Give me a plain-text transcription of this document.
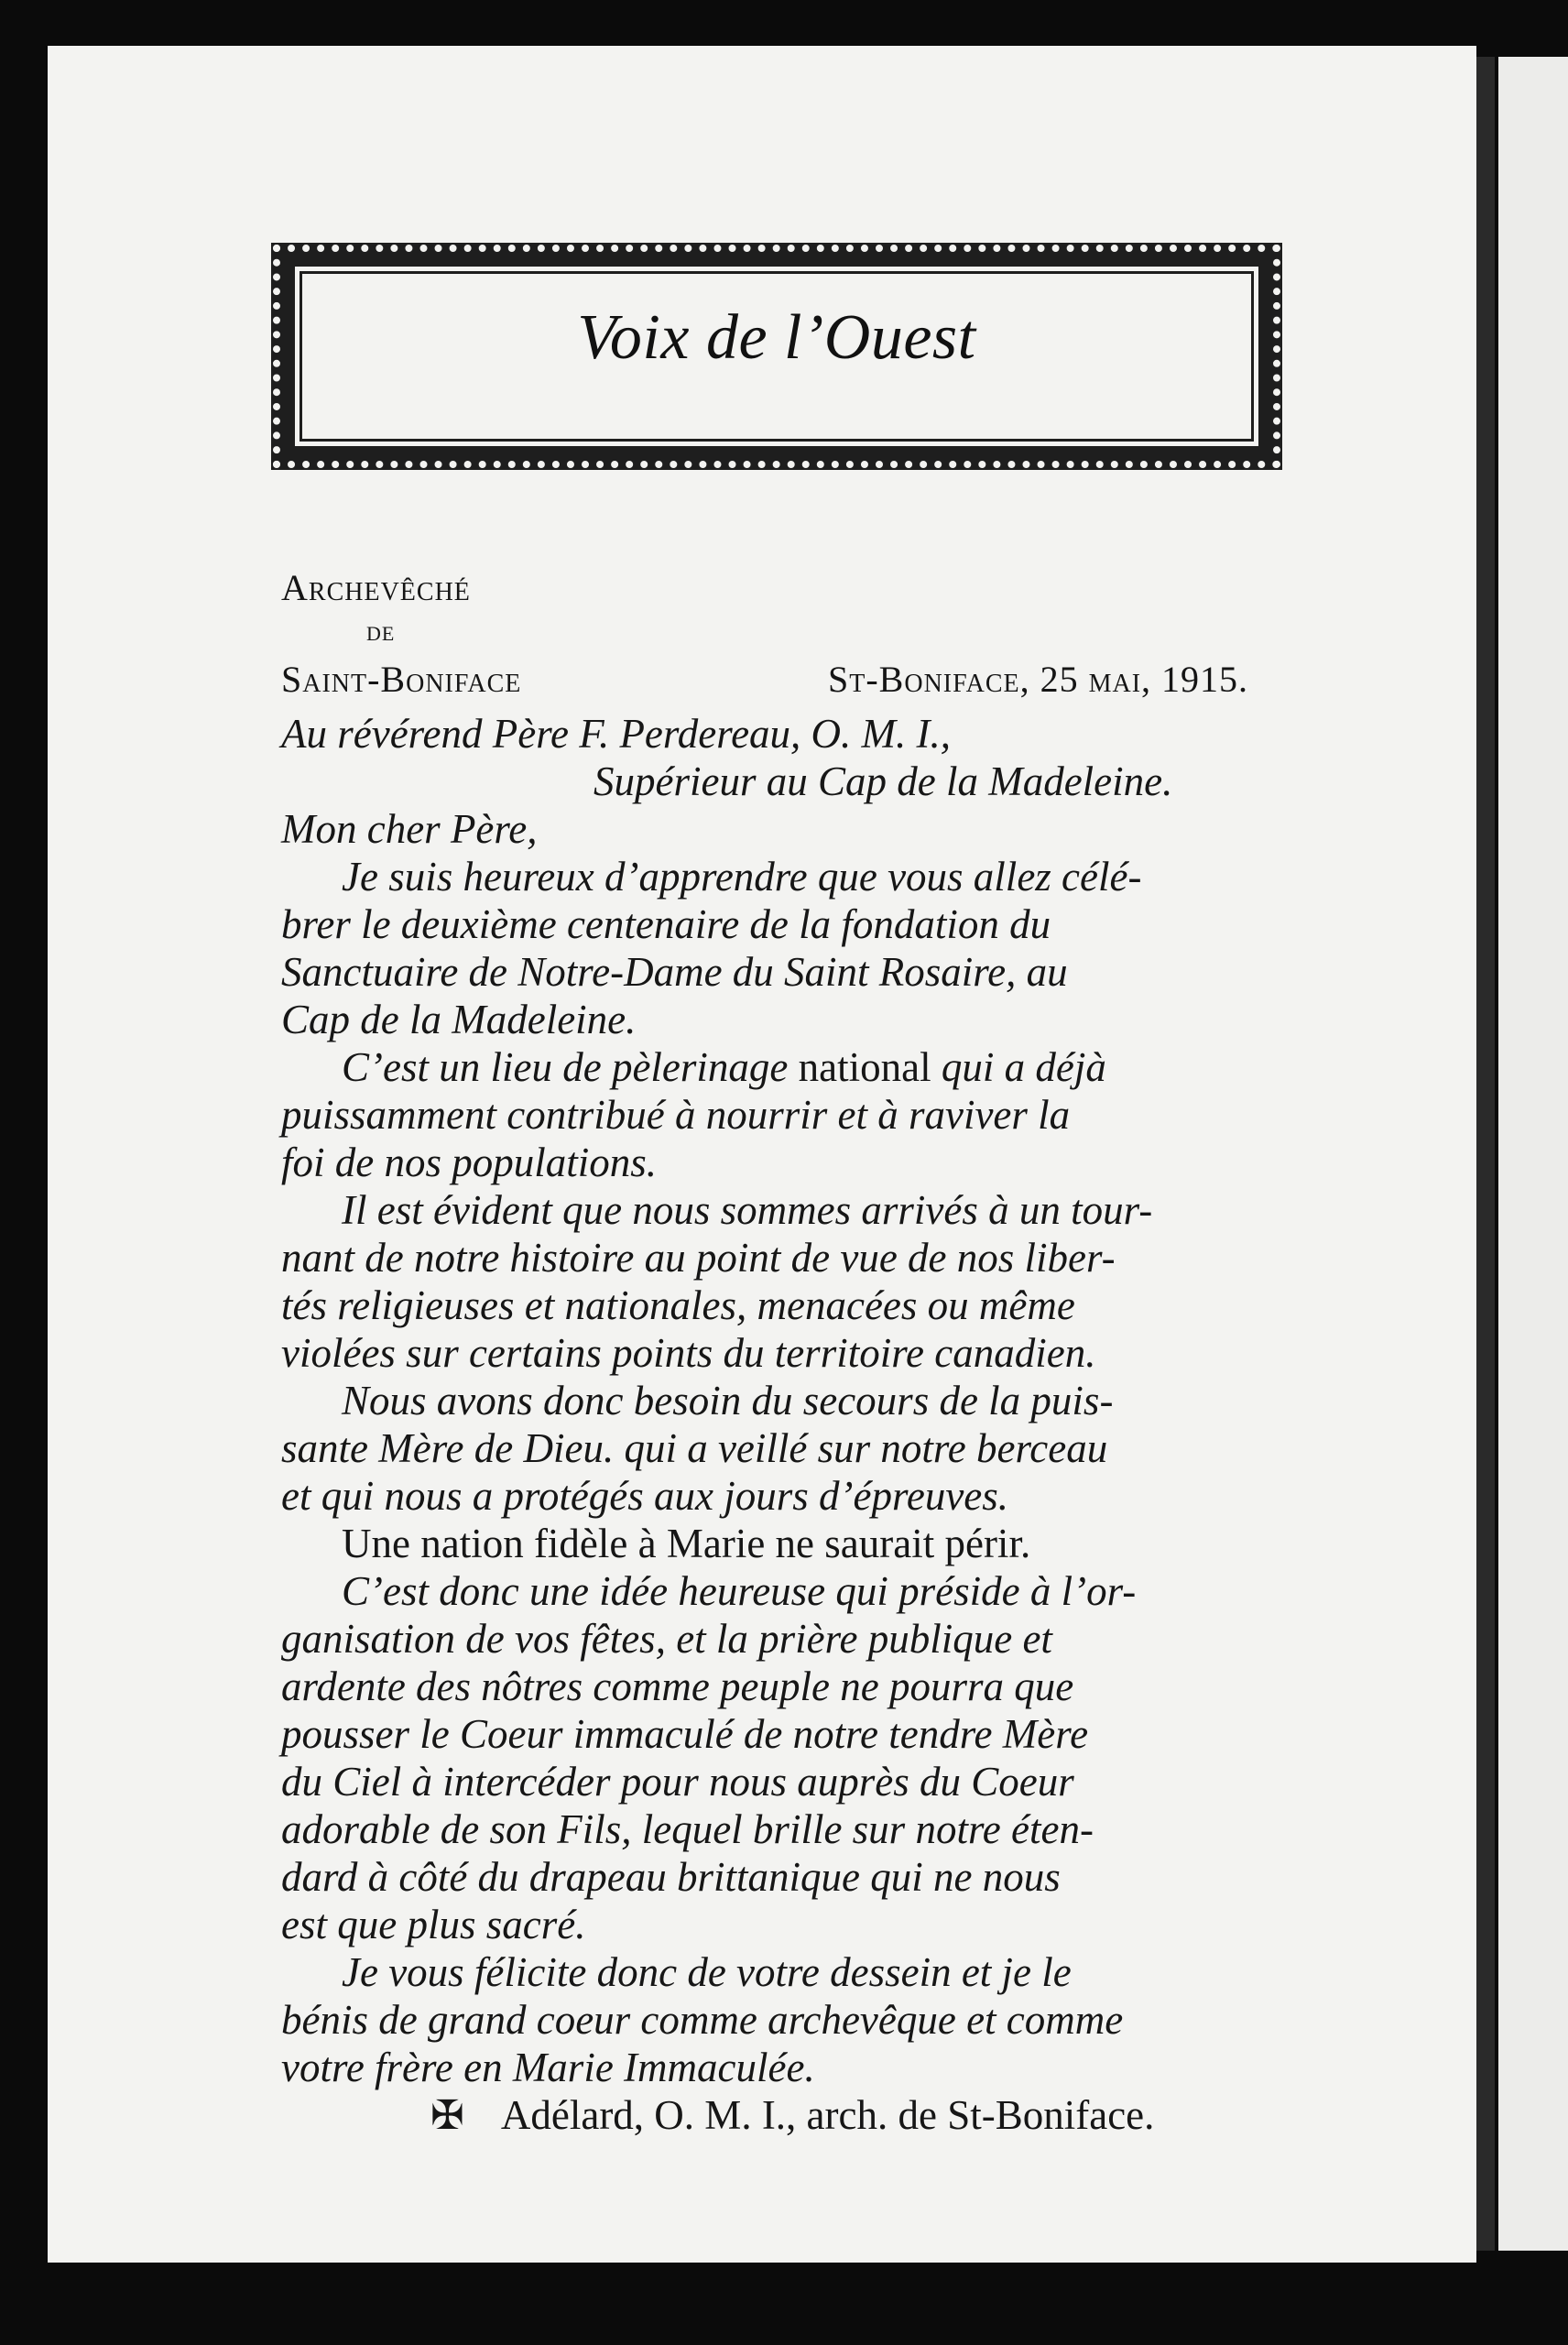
Voix de l’Ouest
Archevêché
de
Saint-Boniface	St-Boniface, 25 mai, 1915.
Au révérend Père F. Perdereau, O. M. I.,
Supérieur au Cap de la Madeleine.
Mon cher Père,
Je suis heureux d’apprendre que vous allez célé-
brer le deuxième centenaire de la fondation du
Sanctuaire de Notre-Dame du Saint Rosaire, au
Cap de la Madeleine.
C’est un lieu de pèlerinage national qui a déjà
puissamment contribué à nourrir et à raviver la
foi de nos populations.
Il est évident que nous sommes arrivés à un tour-
nant de notre histoire au point de vue de nos liber-
tés religieuses et nationales, menacées ou même
violées sur certains points du territoire canadien.
Nous avons donc besoin du secours de la puis-
sante Mère de Dieu. qui a veillé sur notre berceau
et qui nous a protégés aux jours d’épreuves.
Une nation fidèle à Marie ne saurait périr.
C’est donc une idée heureuse qui préside à l’or-
ganisation de vos fêtes, et la prière publique et
ardente des nôtres comme peuple ne pourra que
pousser le Coeur immaculé de notre tendre Mère
du Ciel à intercéder pour nous auprès du Coeur
adorable de son Fils, lequel brille sur notre éten-
dard à côté du drapeau brittanique qui ne nous
est que plus sacré.
Je vous félicite donc de votre dessein et je le
bénis de grand coeur comme archevêque et comme
votre frère en Marie Immaculée.
✠ Adélard, O. M. I., arch. de St-Boniface.
